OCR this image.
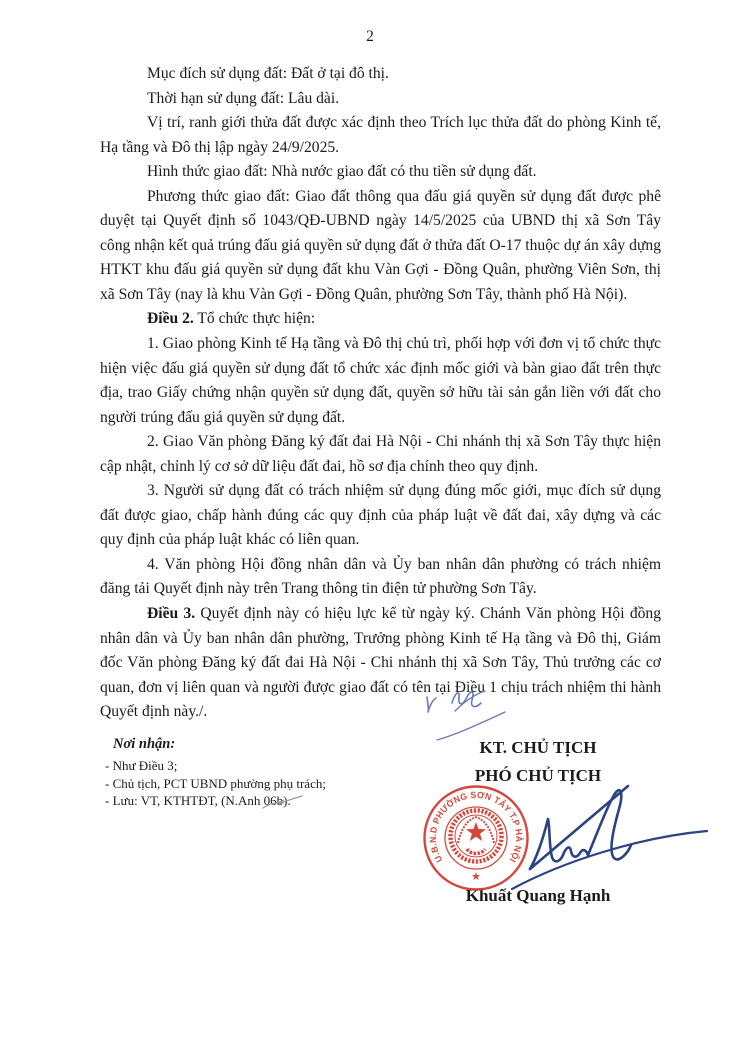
2

Mục đích sử dụng đất: Đất ở tại đô thị.

Thời hạn sử dụng đất: Lâu dài.

Vị trí, ranh giới thửa đất được xác định theo Trích lục thửa đất do phòng Kinh tế, Hạ tầng và Đô thị lập ngày 24/9/2025.

Hình thức giao đất: Nhà nước giao đất có thu tiền sử dụng đất.

Phương thức giao đất: Giao đất thông qua đấu giá quyền sử dụng đất được phê duyệt tại Quyết định số 1043/QĐ-UBND ngày 14/5/2025 của UBND thị xã Sơn Tây công nhận kết quả trúng đấu giá quyền sử dụng đất ở thửa đất O-17 thuộc dự án xây dựng HTKT khu đấu giá quyền sử dụng đất khu Vàn Gợi - Đồng Quân, phường Viên Sơn, thị xã Sơn Tây (nay là khu Vàn Gợi - Đồng Quân, phường Sơn Tây, thành phố Hà Nội).

Điều 2. Tổ chức thực hiện:

1. Giao phòng Kinh tế Hạ tầng và Đô thị chủ trì, phối hợp với đơn vị tổ chức thực hiện việc đấu giá quyền sử dụng đất tổ chức xác định mốc giới và bàn giao đất trên thực địa, trao Giấy chứng nhận quyền sử dụng đất, quyền sở hữu tài sản gắn liền với đất cho người trúng đấu giá quyền sử dụng đất.

2. Giao Văn phòng Đăng ký đất đai Hà Nội - Chi nhánh thị xã Sơn Tây thực hiện cập nhật, chỉnh lý cơ sở dữ liệu đất đai, hồ sơ địa chính theo quy định.

3. Người sử dụng đất có trách nhiệm sử dụng đúng mốc giới, mục đích sử dụng đất được giao, chấp hành đúng các quy định của pháp luật về đất đai, xây dựng và các quy định của pháp luật khác có liên quan.

4. Văn phòng Hội đồng nhân dân và Ủy ban nhân dân phường có trách nhiệm đăng tải Quyết định này trên Trang thông tin điện tử phường Sơn Tây.

Điều 3. Quyết định này có hiệu lực kể từ ngày ký. Chánh Văn phòng Hội đồng nhân dân và Ủy ban nhân dân phường, Trưởng phòng Kinh tế Hạ tầng và Đô thị, Giám đốc Văn phòng Đăng ký đất đai Hà Nội - Chi nhánh thị xã Sơn Tây, Thủ trưởng các cơ quan, đơn vị liên quan và người được giao đất có tên tại Điều 1 chịu trách nhiệm thi hành Quyết định này./.

Nơi nhận:
- Như Điều 3;
- Chủ tịch, PCT UBND phường phụ trách;
- Lưu: VT, KTHTĐT, (N.Anh 06b).
KT. CHỦ TỊCH
PHÓ CHỦ TỊCH
U.B.N.D PHƯỜNG SƠN TÂY T.P HÀ NỘI
★
Khuất Quang Hạnh
